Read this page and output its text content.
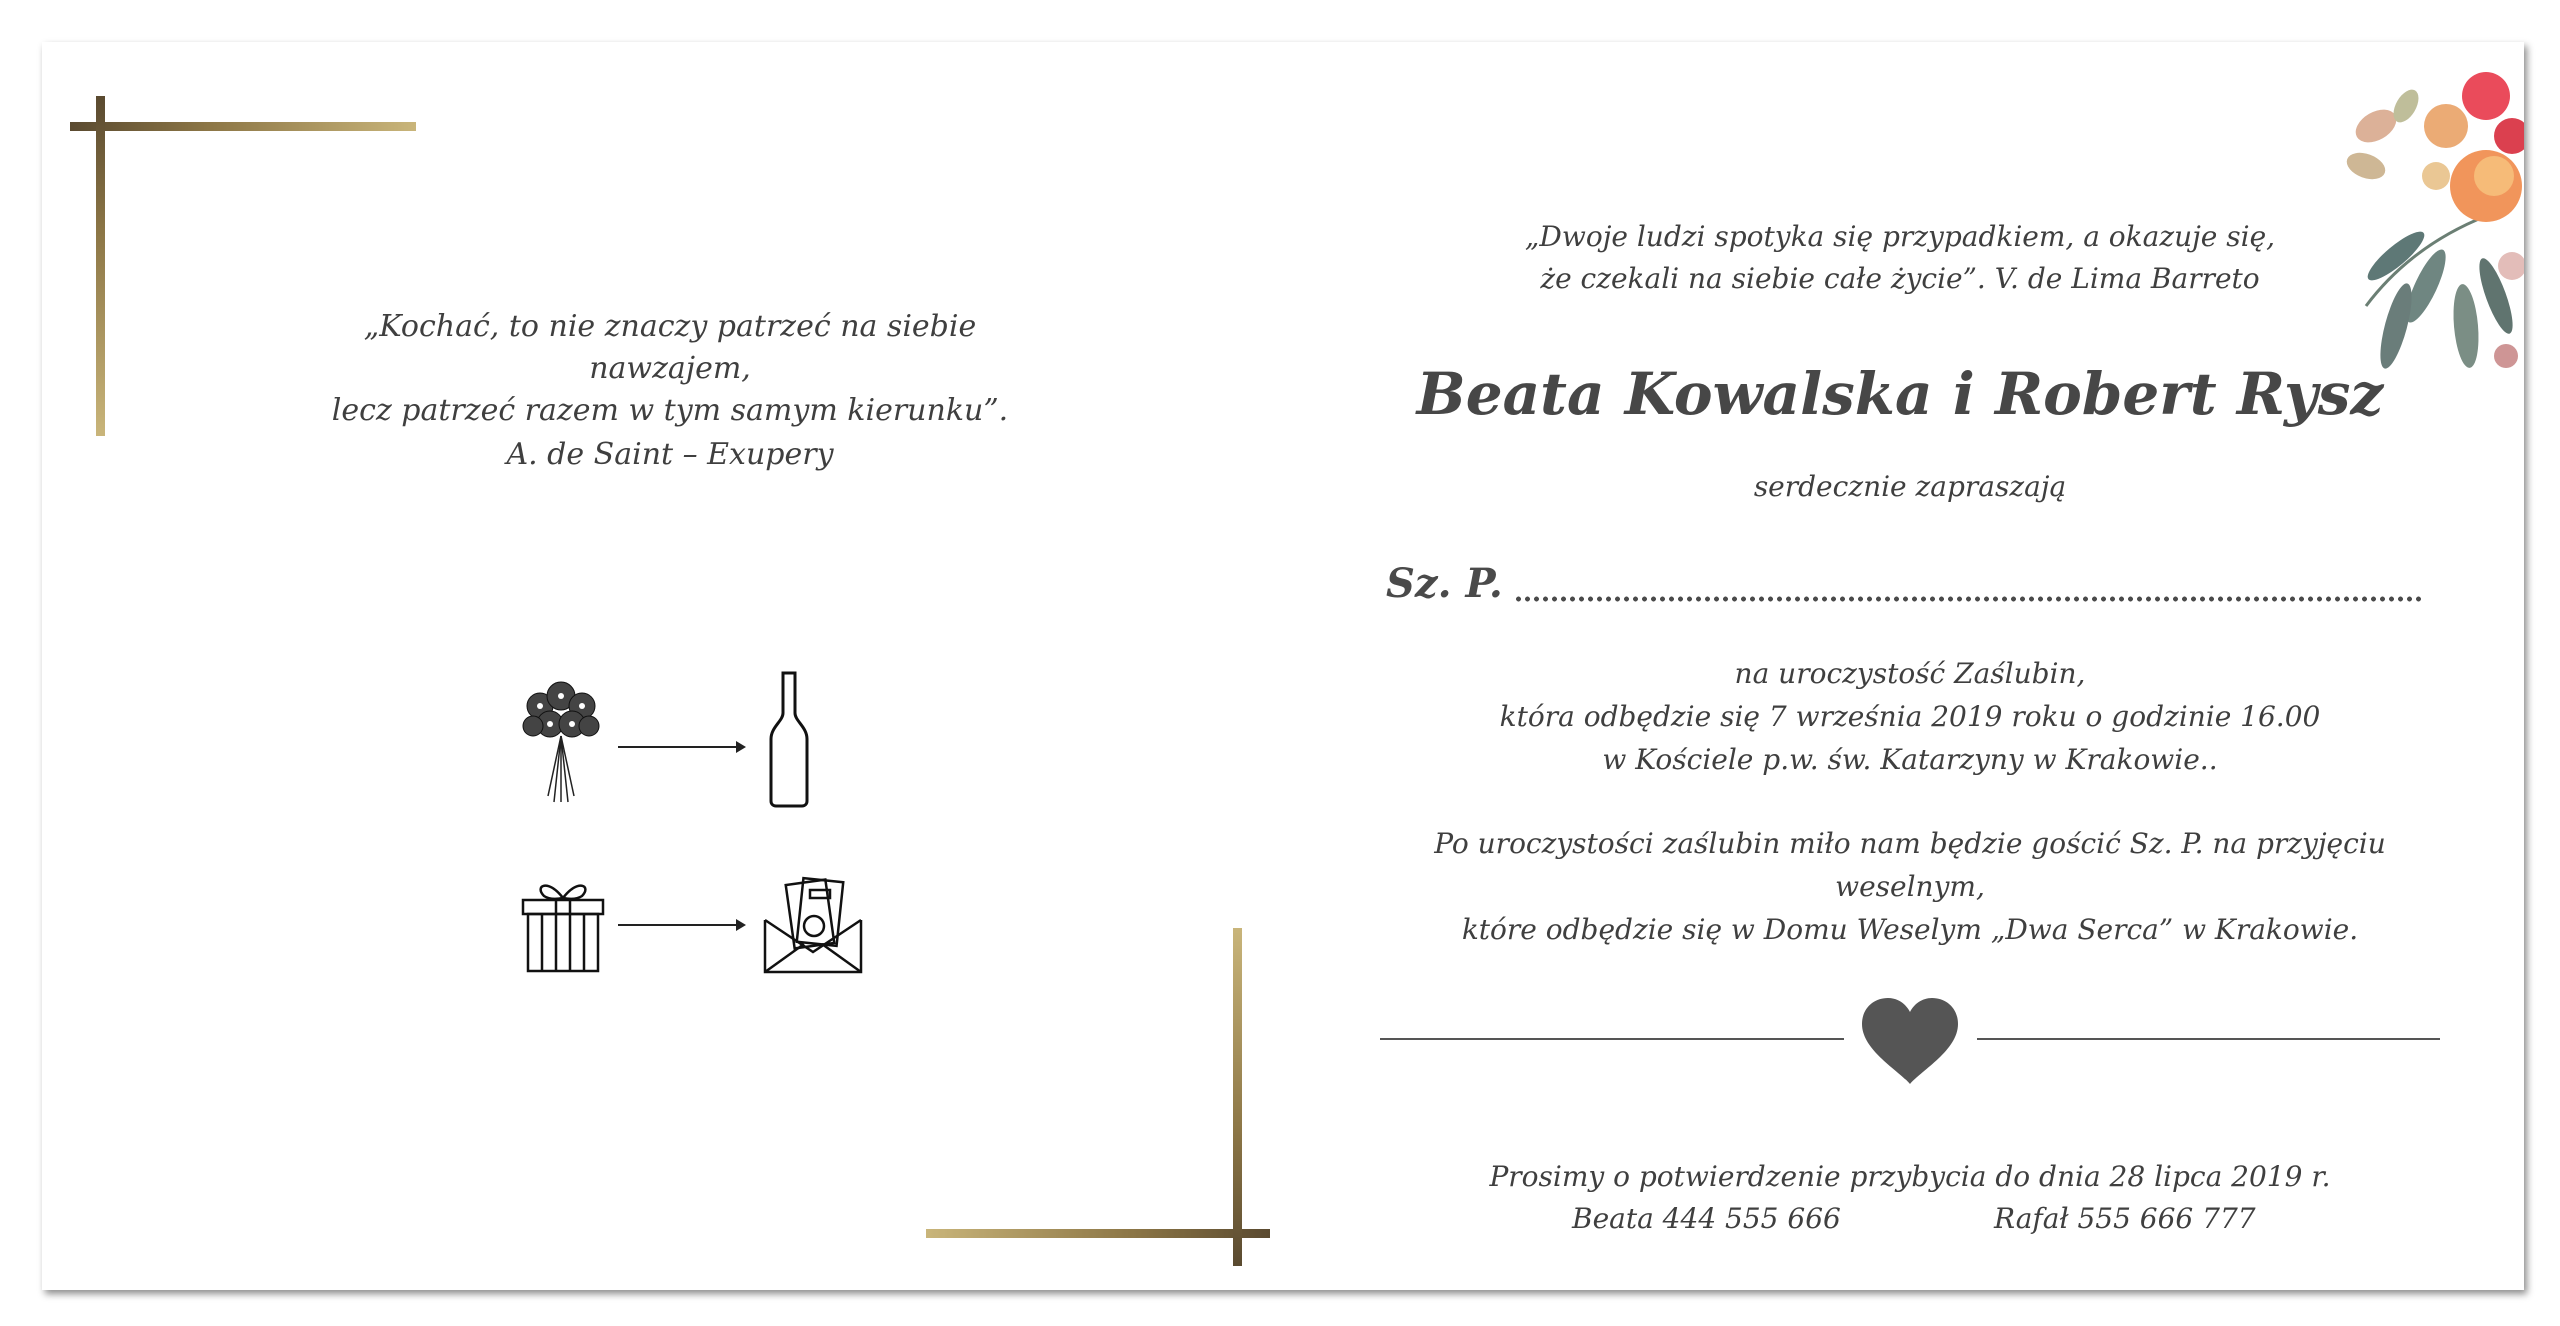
„Kochać, to nie znaczy patrzeć na siebie nawzajem,
lecz patrzeć razem w tym samym kierunku”.
A. de Saint – Exupery
„Dwoje ludzi spotyka się przypadkiem, a okazuje się,
że czekali na siebie całe życie”. V. de Lima Barreto
Beata Kowalska i Robert Rysz
serdecznie zapraszają
Sz. P.
na uroczystość Zaślubin,
która odbędzie się 7 września 2019 roku o godzinie 16.00
w Kościele p.w. św. Katarzyny w Krakowie..
Po uroczystości zaślubin miło nam będzie gościć Sz. P. na przyjęciu weselnym,
które odbędzie się w Domu Weselym „Dwa Serca” w Krakowie.
Prosimy o potwierdzenie przybycia do dnia 28 lipca 2019 r.
Beata 444 555 666	Rafał 555 666 777
